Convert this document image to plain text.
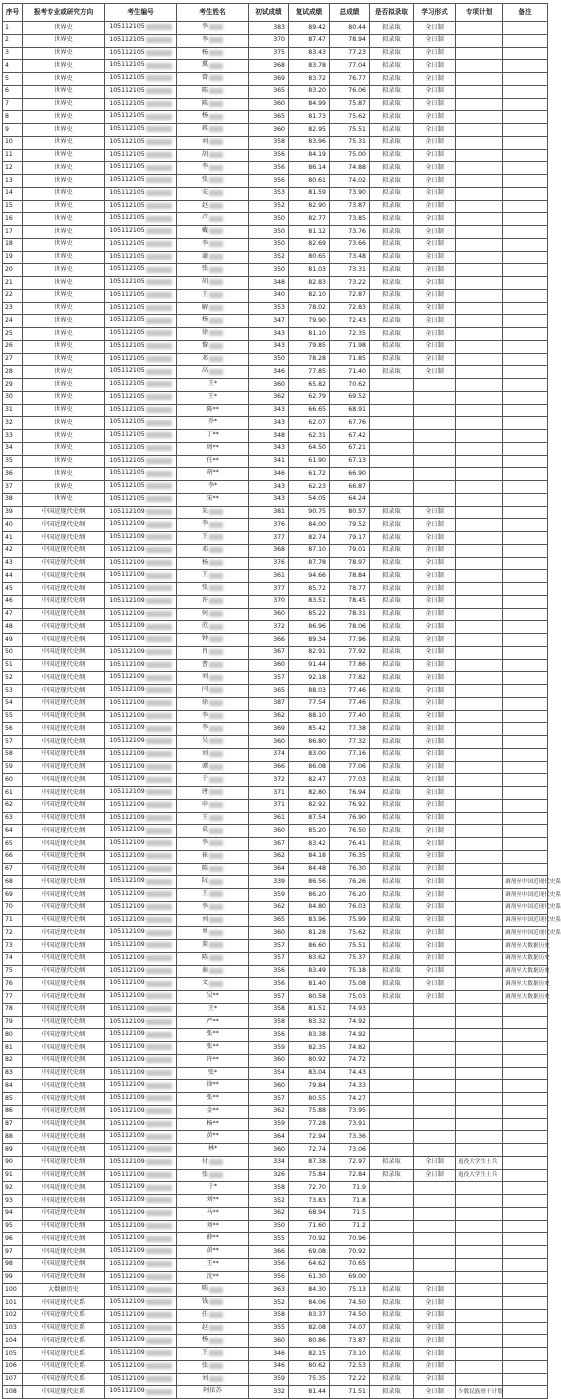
序号	报考专业或研究方向	考生编号	考生姓名	初试成绩	复试成绩	总成绩	是否拟录取	学习形式	专项计划	备注
1	世界史	105112105	李	383	89.42	80.44	拟录取	全日制		
2	世界史	105112105	李	370	87.47	78.94	拟录取	全日制		
3	世界史	105112105	杨	375	83.43	77.23	拟录取	全日制		
4	世界史	105112105	冀	368	83.78	77.04	拟录取	全日制		
5	世界史	105112105	曾	369	83.72	76.77	拟录取	全日制		
6	世界史	105112105	陈	365	83.20	76.06	拟录取	全日制		
7	世界史	105112105	陈	360	84.99	75.87	拟录取	全日制		
8	世界史	105112105	杨	365	81.73	75.62	拟录取	全日制		
9	世界史	105112105	蒋	360	82.95	75.51	拟录取	全日制		
10	世界史	105112105	刘	358	83.96	75.31	拟录取	全日制		
11	世界史	105112105	胡	356	84.19	75.00	拟录取	全日制		
12	世界史	105112105	李	356	86.14	74.88	拟录取	全日制		
13	世界史	105112105	张	356	80.61	74.02	拟录取	全日制		
14	世界史	105112105	宋	353	81.59	73.90	拟录取	全日制		
15	世界史	105112105	赵	352	82.90	73.87	拟录取	全日制		
16	世界史	105112105	卢	350	82.77	73.85	拟录取	全日制		
17	世界史	105112105	戴	350	81.12	73.76	拟录取	全日制		
18	世界史	105112105	李	350	82.69	73.66	拟录取	全日制		
19	世界史	105112105	谢	352	80.65	73.48	拟录取	全日制		
20	世界史	105112105	张	350	81.03	73.31	拟录取	全日制		
21	世界史	105112105	胡	348	82.83	73.22	拟录取	全日制		
22	世界史	105112105	王	340	82.10	72.87	拟录取	全日制		
23	世界史	105112105	解	353	78.02	72.83	拟录取	全日制		
24	世界史	105112105	杨	347	79.90	72.43	拟录取	全日制		
25	世界史	105112105	徐	343	81.10	72.35	拟录取	全日制		
26	世界史	105112105	黎	343	79.85	71.98	拟录取	全日制		
27	世界史	105112105	邓	350	78.28	71.85	拟录取	全日制		
28	世界史	105112105	高	346	77.85	71.40	拟录取	全日制		
29	世界史	105112105	王*	360	65.82	70.62				
30	世界史	105112105	王*	362	62.79	69.52				
31	世界史	105112105	陈**	343	66.65	68.91				
32	世界史	105112105	乔*	343	62.07	67.76				
33	世界史	105112105	丁**	348	62.31	67.42				
34	世界史	105112105	周**	343	64.50	67.21				
35	世界史	105112105	任**	341	61.90	67.13				
36	世界史	105112105	胡**	346	61.72	66.90				
37	世界史	105112105	李*	343	62.23	66.87				
38	世界史	105112105	宋**	343	54.05	64.24				
39	中国近现代史纲	105112109	朱	381	90.75	80.57	拟录取	全日制		
40	中国近现代史纲	105112109	李	376	84.00	79.52	拟录取	全日制		
41	中国近现代史纲	105112109	王	377	82.74	79.17	拟录取	全日制		
42	中国近现代史纲	105112109	邓	368	87.10	79.01	拟录取	全日制		
43	中国近现代史纲	105112109	杨	376	87.78	78.97	拟录取	全日制		
44	中国近现代史纲	105112109	王	361	94.66	78.84	拟录取	全日制		
45	中国近现代史纲	105112109	张	377	85.72	78.77	拟录取	全日制		
46	中国近现代史纲	105112109	许	370	83.51	78.45	拟录取	全日制		
47	中国近现代史纲	105112109	何	360	85.22	78.31	拟录取	全日制		
48	中国近现代史纲	105112109	范	372	86.96	78.06	拟录取	全日制		
49	中国近现代史纲	105112109	钟	366	89.34	77.96	拟录取	全日制		
50	中国近现代史纲	105112109	肖	367	82.91	77.92	拟录取	全日制		
51	中国近现代史纲	105112109	曹	360	91.44	77.86	拟录取	全日制		
52	中国近现代史纲	105112109	刘	357	92.18	77.82	拟录取	全日制		
53	中国近现代史纲	105112109	闫	365	88.03	77.46	拟录取	全日制		
54	中国近现代史纲	105112109	徐	387	77.54	77.46	拟录取	全日制		
55	中国近现代史纲	105112109	李	362	88.10	77.40	拟录取	全日制		
56	中国近现代史纲	105112109	李	369	85.42	77.38	拟录取	全日制		
57	中国近现代史纲	105112109	吴	360	86.80	77.32	拟录取	全日制		
58	中国近现代史纲	105112109	刘	374	83.00	77.16	拟录取	全日制		
59	中国近现代史纲	105112109	谭	366	86.08	77.06	拟录取	全日制		
60	中国近现代史纲	105112109	于	372	82.47	77.03	拟录取	全日制		
61	中国近现代史纲	105112109	唐	371	82.80	76.94	拟录取	全日制		
62	中国近现代史纲	105112109	申	371	82.92	76.92	拟录取	全日制		
63	中国近现代史纲	105112109	王	361	87.54	76.90	拟录取	全日制		
64	中国近现代史纲	105112109	袁	360	85.20	76.50	拟录取	全日制		
65	中国近现代史纲	105112109	李	367	83.42	76.41	拟录取	全日制		
66	中国近现代史纲	105112109	崔	362	84.18	76.35	拟录取	全日制		
67	中国近现代史纲	105112109	陈	364	84.48	76.30	拟录取	全日制		
68	中国近现代史纲	105112109	阮	339	86.56	76.26	拟录取	全日制		调剂至中国近现代史系
69	中国近现代史纲	105112109	王	359	86.20	76.20	拟录取	全日制		调剂至中国近现代史系
70	中国近现代史纲	105112109	李	362	84.80	76.03	拟录取	全日制		调剂至中国近现代史系
71	中国近现代史纲	105112109	刘	365	83.96	75.99	拟录取	全日制		调剂至中国近现代史系
72	中国近现代史纲	105112109	单	360	81.28	75.62	拟录取	全日制		调剂至中国近现代史系
73	中国近现代史纲	105112109	董	357	86.60	75.51	拟录取	全日制		调剂至大数据历史
74	中国近现代史纲	105112109	陈	357	83.62	75.37	拟录取	全日制		调剂至大数据历史
75	中国近现代史纲	105112109	秦	356	83.49	75.18	拟录取	全日制		调剂至大数据历史
76	中国近现代史纲	105112109	文	356	81.40	75.08	拟录取	全日制		调剂至大数据历史
77	中国近现代史纲	105112109	吴**	357	80.58	75.03	拟录取	全日制		调剂至大数据历史
78	中国近现代史纲	105112109	王*	358	81.51	74.93				
79	中国近现代史纲	105112109	严**	358	83.32	74.92				
80	中国近现代史纲	105112109	张**	356	83.38	74.92				
81	中国近现代史纲	105112109	张**	359	82.35	74.82				
82	中国近现代史纲	105112109	许**	360	80.92	74.72				
83	中国近现代史纲	105112109	张*	354	83.04	74.43				
84	中国近现代史纲	105112109	徐**	360	79.84	74.33				
85	中国近现代史纲	105112109	张**	357	80.55	74.27				
86	中国近现代史纲	105112109	金**	362	75.88	73.95				
87	中国近现代史纲	105112109	杨**	359	77.28	73.91				
88	中国近现代史纲	105112109	黄**	364	72.94	73.36				
89	中国近现代史纲	105112109	林*	360	72.74	73.06				
90	中国近现代史纲	105112109	付	334	87.38	72.97	拟录取	全日制	退役大学生士兵	
91	中国近现代史纲	105112109	张	326	75.84	72.84	拟录取	全日制	退役大学生士兵	
92	中国近现代史纲	105112109	于*	358	72.70	71.9				
93	中国近现代史纲	105112109	刘**	352	73.83	71.8				
94	中国近现代史纲	105112109	马**	362	68.94	71.5				
95	中国近现代史纲	105112109	刘**	350	71.60	71.2				
96	中国近现代史纲	105112109	薛**	355	70.92	70.96				
97	中国近现代史纲	105112109	黄**	366	69.08	70.92				
98	中国近现代史纲	105112109	王**	356	64.62	70.65				
99	中国近现代史纲	105112109	沈**	356	61.30	69.00				
100	大数据历史	105112109	陈	363	84.30	75.13	拟录取	全日制		
101	中国近现代史系	105112109	钱	352	84.06	74.50	拟录取	全日制		
102	中国近现代史系	105112109	任	358	83.37	74.50	拟录取	全日制		
103	中国近现代史系	105112109	赵	355	82.08	74.07	拟录取	全日制		
104	中国近现代史系	105112109	杨	360	80.86	73.87	拟录取	全日制		
105	中国近现代史系	105112109	王	346	82.15	73.10	拟录取	全日制		
106	中国近现代史系	105112109	张	346	80.62	72.53	拟录取	全日制		
107	中国近现代史系	105112109	刘	359	75.35	72.22	拟录取	全日制		
108	中国近现代史系	105112109	阿依苏	332	81.44	71.51	拟录取	全日制	少数民族骨干计划	
